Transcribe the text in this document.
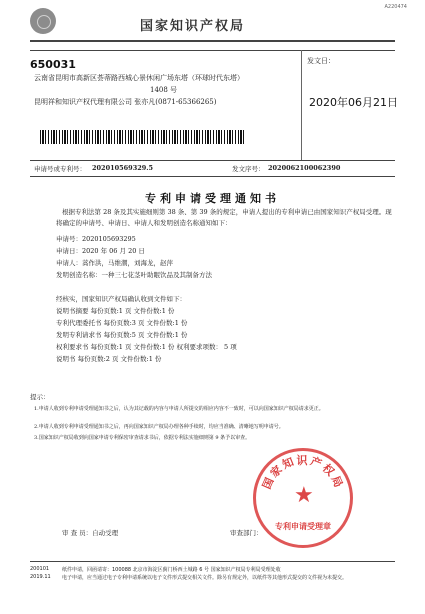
A220474
国家知识产权局
650031
云南省昆明市高新区荟蒂路西城心景休闲广场东塔（环球时代东塔）
1408 号
昆明祥和知识产权代理有限公司 张亦凡(0871-65366265)
发文日：
2020年06月21日
申请号或专利号： 202010569329.5	发文序号： 2020062100062390
专利申请受理通知书
根据专利法第 28 条及其实施细则第 38 条、第 39 条的规定，申请人提出的专利申请已由国家知识产权局受理。现将确定的申请号、申请日、申请人和发明创造名称通知如下：
申请号：2020105693295
申请日：2020 年 06 月 20 日
申请人：蒿作洪，马维潮，刘海龙，赵萍
发明创造名称：一种三七花茎叶助眠饮品及其制备方法
经核实，国家知识产权局确认收到文件如下：
说明书摘要 每份页数:1 页 文件份数:1 份
专利代理委托书 每份页数:3 页 文件份数:1 份
发明专利请求书 每份页数:5 页 文件份数:1 份
权利要求书 每份页数:1 页 文件份数:1 份 权利要求项数： 5 项
说明书 每份页数:2 页 文件份数:1 份
提示：
1.申请人收到专利申请受理通知书之后，认为其记载的内容与申请人所提交的相应内容不一致时，可以向国家知识产权局请求更正。
2.申请人收到专利申请受理通知书之后，再向国家知识产权局办理各种手续时，均应当准确、清晰地写明申请号。
3.国家知识产权局收到向国家申请专利保密审查请求书后，依据专利法实施细则第 9 条予以审查。
审 查 员：自动受理	审查部门：
国家知识产权局
★
专利申请受理章
200101
2019.11
纸件申请，回函请寄：100088 北京市海淀区蓟门桥西土城路 6 号 国家知识产权局专利局受理处收
电子申请，应当通过电子专利申请系统以电子文件形式提交相关文件。除另有规定外，以纸件等其他形式提交的文件视为未提交。
